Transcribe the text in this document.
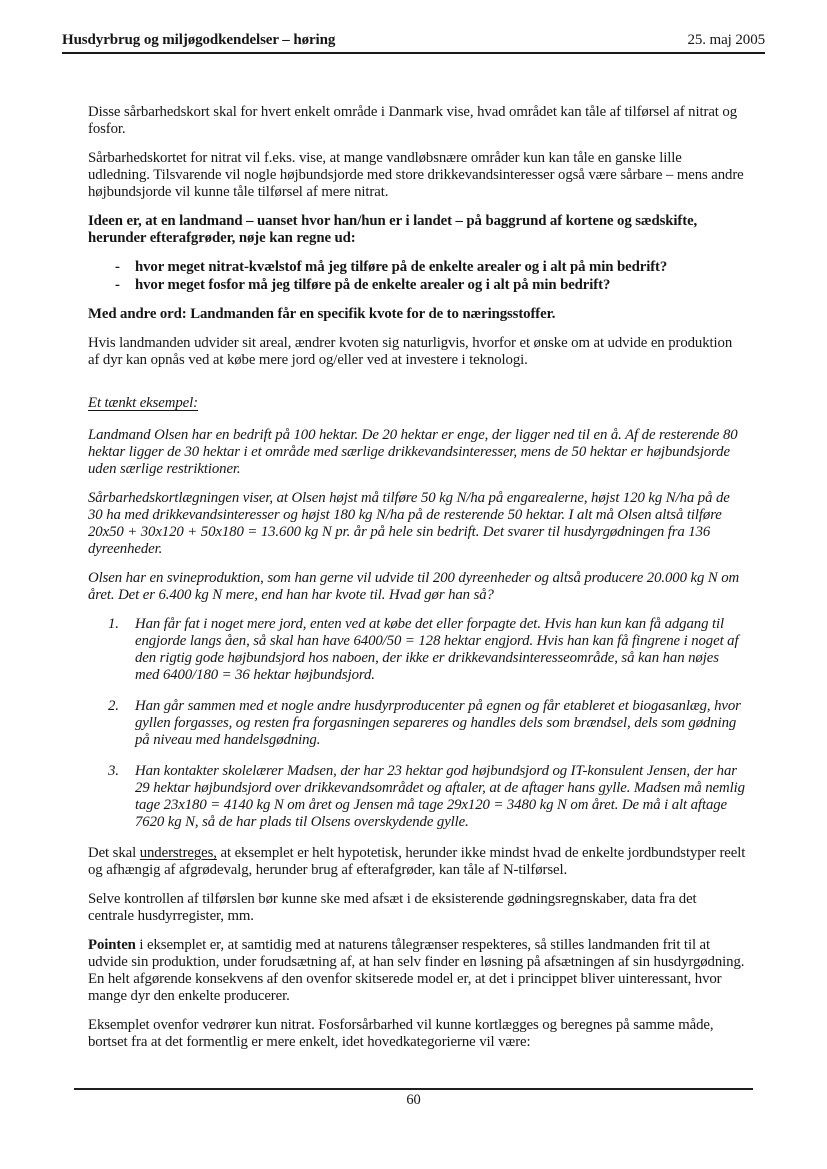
Husdyrbrug og miljøgodkendelser – høring	25. maj 2005

Disse sårbarhedskort skal for hvert enkelt område i Danmark vise, hvad området kan tåle af tilførsel af nitrat og fosfor.

Sårbarhedskortet for nitrat vil f.eks. vise, at mange vandløbsnære områder kun kan tåle en ganske lille udledning. Tilsvarende vil nogle højbundsjorde med store drikkevandsinteresser også være sårbare – mens andre højbundsjorde vil kunne tåle tilførsel af mere nitrat.

Ideen er, at en landmand – uanset hvor han/hun er i landet – på baggrund af kortene og sædskifte, herunder efterafgrøder, nøje kan regne ud:

-	hvor meget nitrat-kvælstof må jeg tilføre på de enkelte arealer og i alt på min bedrift?
-	hvor meget fosfor må jeg tilføre på de enkelte arealer og i alt på min bedrift?

Med andre ord: Landmanden får en specifik kvote for de to næringsstoffer.

Hvis landmanden udvider sit areal, ændrer kvoten sig naturligvis, hvorfor et ønske om at udvide en produktion af dyr kan opnås ved at købe mere jord og/eller ved at investere i teknologi.

Et tænkt eksempel:

Landmand Olsen har en bedrift på 100 hektar. De 20 hektar er enge, der ligger ned til en å. Af de resterende 80 hektar ligger de 30 hektar i et område med særlige drikkevandsinteresser, mens de 50 hektar er højbundsjorde uden særlige restriktioner.

Sårbarhedskortlægningen viser, at Olsen højst må tilføre 50 kg N/ha på engarealerne, højst 120 kg N/ha på de 30 ha med drikkevandsinteresser og højst 180 kg N/ha på de resterende 50 hektar. I alt må Olsen altså tilføre 20x50 + 30x120 + 50x180 = 13.600 kg N pr. år på hele sin bedrift. Det svarer til husdyrgødningen fra 136 dyreenheder.

Olsen har en svineproduktion, som han gerne vil udvide til 200 dyreenheder og altså producere 20.000 kg N om året. Det er 6.400 kg N mere, end han har kvote til. Hvad gør han så?

1.	Han får fat i noget mere jord, enten ved at købe det eller forpagte det. Hvis han kun kan få adgang til engjorde langs åen, så skal han have 6400/50 = 128 hektar engjord. Hvis han kan få fingrene i noget af den rigtig gode højbundsjord hos naboen, der ikke er drikkevandsinteresseområde, så kan han nøjes med 6400/180 = 36 hektar højbundsjord.
2.	Han går sammen med et nogle andre husdyrproducenter på egnen og får etableret et biogasanlæg, hvor gyllen forgasses, og resten fra forgasningen separeres og handles dels som brændsel, dels som gødning på niveau med handelsgødning.
3.	Han kontakter skolelærer Madsen, der har 23 hektar god højbundsjord og IT-konsulent Jensen, der har 29 hektar højbundsjord over drikkevandsområdet og aftaler, at de aftager hans gylle. Madsen må nemlig tage 23x180 = 4140 kg N om året og Jensen må tage 29x120 = 3480 kg N om året. De må i alt aftage 7620 kg N, så de har plads til Olsens overskydende gylle.

Det skal understreges, at eksemplet er helt hypotetisk, herunder ikke mindst hvad de enkelte jordbundstyper reelt og afhængig af afgrødevalg, herunder brug af efterafgrøder, kan tåle af N-tilførsel.

Selve kontrollen af tilførslen bør kunne ske med afsæt i de eksisterende gødningsregnskaber, data fra det centrale husdyrregister, mm.

Pointen i eksemplet er, at samtidig med at naturens tålegrænser respekteres, så stilles landmanden frit til at udvide sin produktion, under forudsætning af, at han selv finder en løsning på afsætningen af sin husdyrgødning. En helt afgørende konsekvens af den ovenfor skitserede model er, at det i princippet bliver uinteressant, hvor mange dyr den enkelte producerer.

Eksemplet ovenfor vedrører kun nitrat. Fosforsårbarhed vil kunne kortlægges og beregnes på samme måde, bortset fra at det formentlig er mere enkelt, idet hovedkategorierne vil være:

60
